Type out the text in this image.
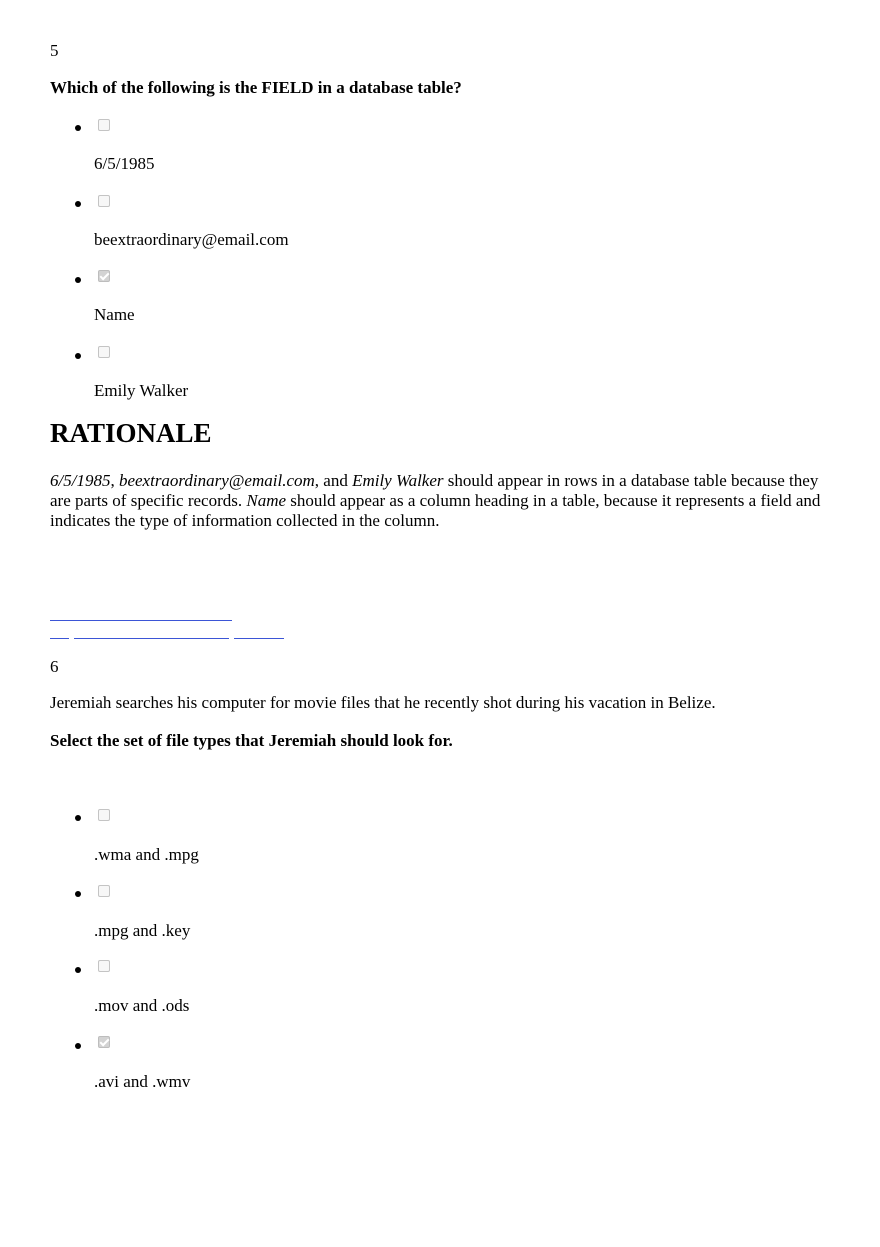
5
Which of the following is the FIELD in a database table?
6/5/1985
beextraordinary@email.com
Name
Emily Walker
RATIONALE
6/5/1985, beextraordinary@email.com, and Emily Walker should appear in rows in a database table because they are parts of specific records. Name should appear as a column heading in a table, because it represents a field and indicates the type of information collected in the column.
6
Jeremiah searches his computer for movie files that he recently shot during his vacation in Belize.
Select the set of file types that Jeremiah should look for.
.wma and .mpg
.mpg and .key
.mov and .ods
.avi and .wmv
